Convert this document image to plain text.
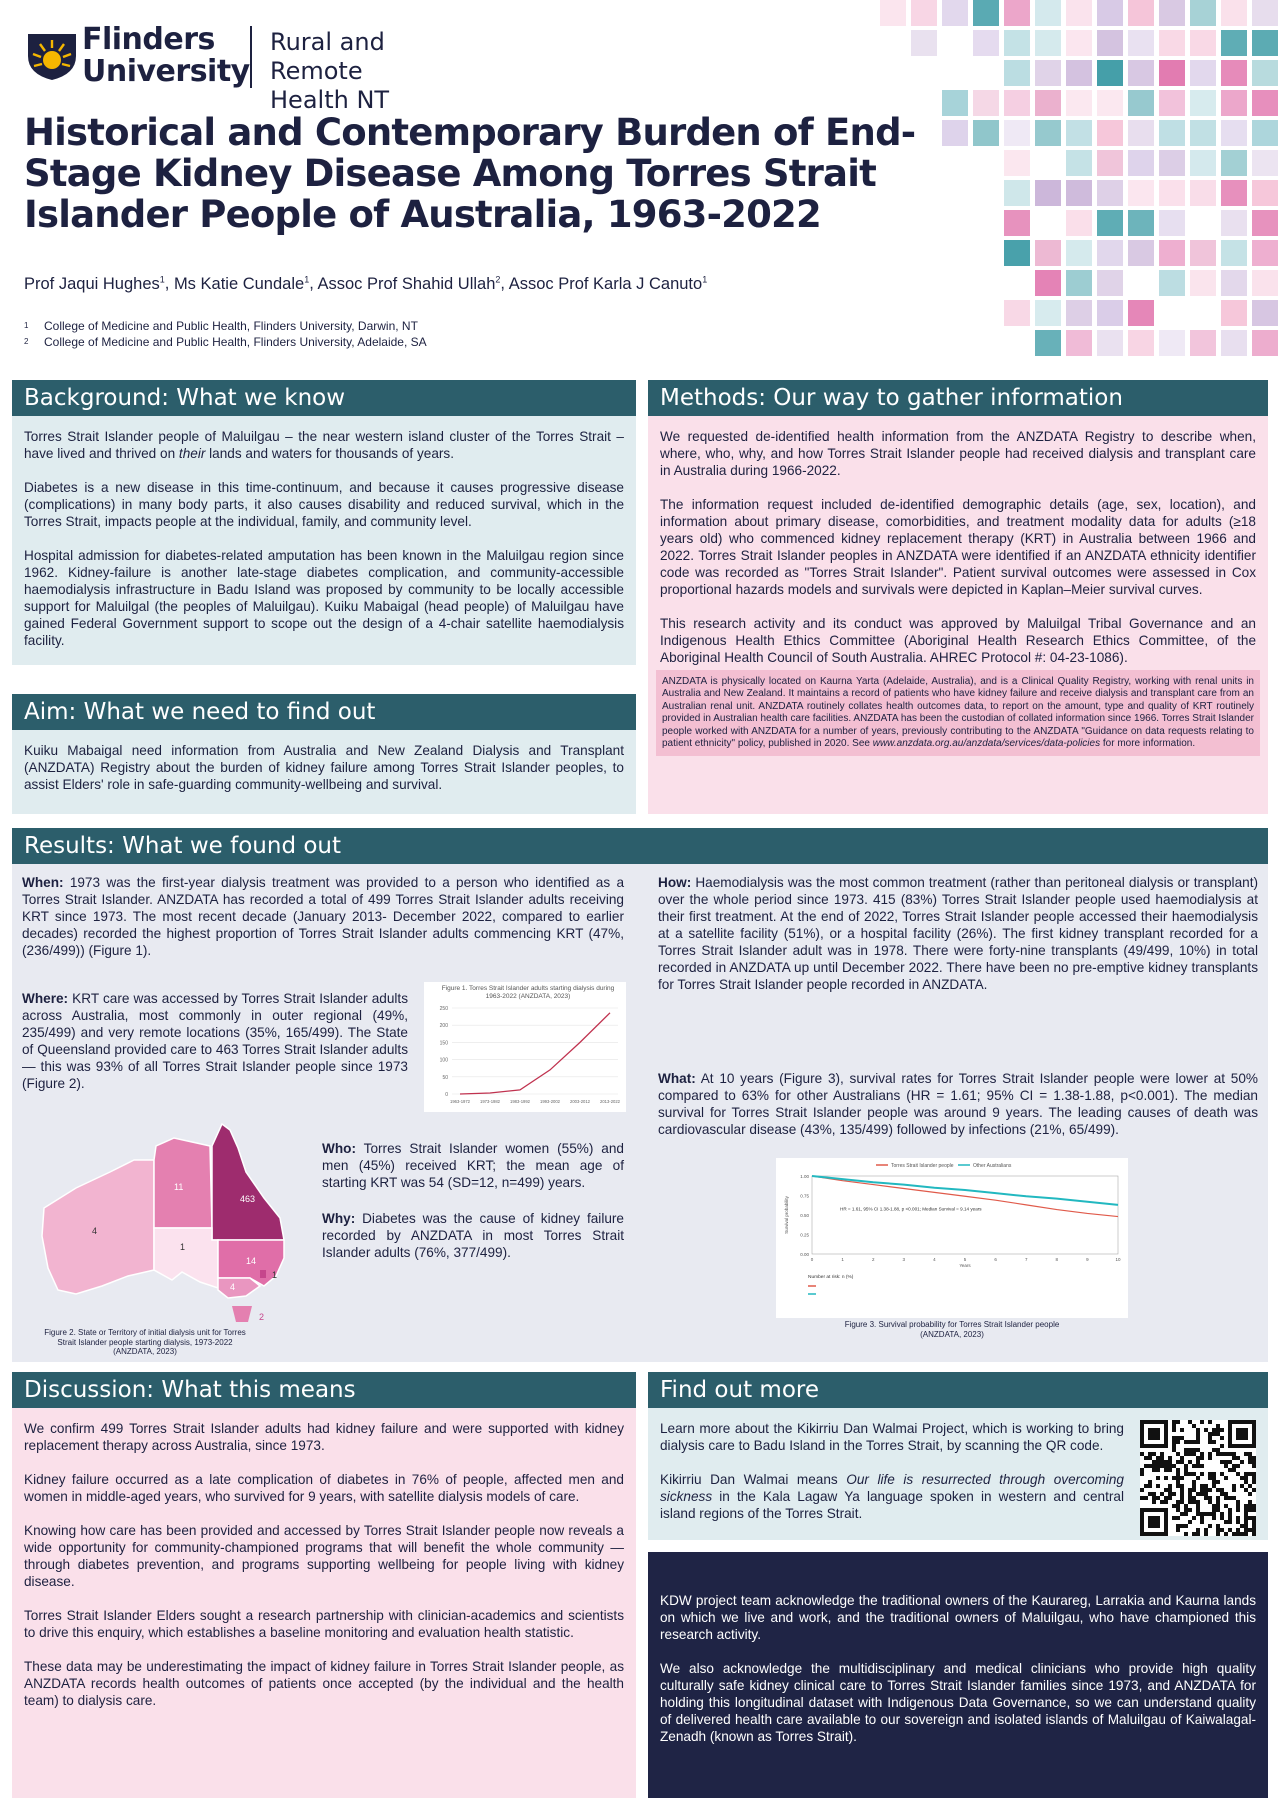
Flinders
University
Rural and Remote
Health NT
Historical and Contemporary Burden of End-Stage Kidney Disease Among Torres Strait Islander People of Australia, 1963-2022
Prof Jaqui Hughes$^1$, Ms Katie Cundale$^1$, Assoc Prof Shahid Ullah$^2$, Assoc Prof Karla J Canuto$^1$
1 College of Medicine and Public Health, Flinders University, Darwin, NT
2 College of Medicine and Public Health, Flinders University, Adelaide, SA
Background: What we know

Torres Strait Islander people of Maluilgau – the near western island cluster of the Torres Strait – have lived and thrived on their lands and waters for thousands of years.

Diabetes is a new disease in this time-continuum, and because it causes progressive disease (complications) in many body parts, it also causes disability and reduced survival, which in the Torres Strait, impacts people at the individual, family, and community level.

Hospital admission for diabetes-related amputation has been known in the Maluilgau region since 1962. Kidney-failure is another late-stage diabetes complication, and community-accessible haemodialysis infrastructure in Badu Island was proposed by community to be locally accessible support for Maluilgal (the peoples of Maluilgau). Kuiku Mabaigal (head people) of Maluilgau have gained Federal Government support to scope out the design of a 4-chair satellite haemodialysis facility.

Aim: What we need to find out

Kuiku Mabaigal need information from Australia and New Zealand Dialysis and Transplant (ANZDATA) Registry about the burden of kidney failure among Torres Strait Islander peoples, to assist Elders' role in safe-guarding community-wellbeing and survival.

Methods: Our way to gather information

We requested de-identified health information from the ANZDATA Registry to describe when, where, who, why, and how Torres Strait Islander people had received dialysis and transplant care in Australia during 1966-2022.

The information request included de-identified demographic details (age, sex, location), and information about primary disease, comorbidities, and treatment modality data for adults (≥18 years old) who commenced kidney replacement therapy (KRT) in Australia between 1966 and 2022. Torres Strait Islander peoples in ANZDATA were identified if an ANZDATA ethnicity identifier code was recorded as "Torres Strait Islander". Patient survival outcomes were assessed in Cox proportional hazards models and survivals were depicted in Kaplan–Meier survival curves.

This research activity and its conduct was approved by Maluilgal Tribal Governance and an Indigenous Health Ethics Committee (Aboriginal Health Research Ethics Committee, of the Aboriginal Health Council of South Australia. AHREC Protocol #: 04-23-1086).

ANZDATA is physically located on Kaurna Yarta (Adelaide, Australia), and is a Clinical Quality Registry, working with renal units in Australia and New Zealand. It maintains a record of patients who have kidney failure and receive dialysis and transplant care from an Australian renal unit. ANZDATA routinely collates health outcomes data, to report on the amount, type and quality of KRT routinely provided in Australian health care facilities. ANZDATA has been the custodian of collated information since 1966. Torres Strait Islander people worked with ANZDATA for a number of years, previously contributing to the ANZDATA "Guidance on data requests relating to patient ethnicity" policy, published in 2020. See www.anzdata.org.au/anzdata/services/data-policies for more information.
Results: What we found out
When: 1973 was the first-year dialysis treatment was provided to a person who identified as a Torres Strait Islander. ANZDATA has recorded a total of 499 Torres Strait Islander adults receiving KRT since 1973. The most recent decade (January 2013- December 2022, compared to earlier decades) recorded the highest proportion of Torres Strait Islander adults commencing KRT (47%, (236/499)) (Figure 1).
Where: KRT care was accessed by Torres Strait Islander adults across Australia, most commonly in outer regional (49%, 235/499) and very remote locations (35%, 165/499). The State of Queensland provided care to 463 Torres Strait Islander adults — this was 93% of all Torres Strait Islander people since 1973 (Figure 2).
Figure 1. Torres Strait Islander adults starting dialysis during 1963-2022 (ANZDATA, 2023)
0
50
100
150
200
250
1963-1972 1973-1982 1983-1992 1993-2002 2003-2012 2013-2022
4
11
463
1
14
4
1
2
Figure 2. State or Territory of initial dialysis unit for Torres Strait Islander people starting dialysis, 1973-2022 (ANZDATA, 2023)
Who: Torres Strait Islander women (55%) and men (45%) received KRT; the mean age of starting KRT was 54 (SD=12, n=499) years.
Why: Diabetes was the cause of kidney failure recorded by ANZDATA in most Torres Strait Islander adults (76%, 377/499).
How: Haemodialysis was the most common treatment (rather than peritoneal dialysis or transplant) over the whole period since 1973. 415 (83%) Torres Strait Islander people used haemodialysis at their first treatment. At the end of 2022, Torres Strait Islander people accessed their haemodialysis at a satellite facility (51%), or a hospital facility (26%). The first kidney transplant recorded for a Torres Strait Islander adult was in 1978. There were forty-nine transplants (49/499, 10%) in total recorded in ANZDATA up until December 2022. There have been no pre-emptive kidney transplants for Torres Strait Islander people recorded in ANZDATA.
What: At 10 years (Figure 3), survival rates for Torres Strait Islander people were lower at 50% compared to 63% for other Australians (HR = 1.61; 95% CI = 1.38-1.88, p<0.001). The median survival for Torres Strait Islander people was around 9 years. The leading causes of death was cardiovascular disease (43%, 135/499) followed by infections (21%, 65/499).
Torres Strait Islander people	Other Australians
0.00
0.25
0.50
0.75
1.00
Survival probability
0	1	2	3	4	5	6	7	8	9	10
Years
HR = 1.61, 95% CI 1.38-1.88, p <0.001; Median Survival = 9.14 years
Number at risk: n (%)
Figure 3. Survival probability for Torres Strait Islander people (ANZDATA, 2023)
Discussion: What this means

We confirm 499 Torres Strait Islander adults had kidney failure and were supported with kidney replacement therapy across Australia, since 1973.

Kidney failure occurred as a late complication of diabetes in 76% of people, affected men and women in middle-aged years, who survived for 9 years, with satellite dialysis models of care.

Knowing how care has been provided and accessed by Torres Strait Islander people now reveals a wide opportunity for community-championed programs that will benefit the whole community — through diabetes prevention, and programs supporting wellbeing for people living with kidney disease.

Torres Strait Islander Elders sought a research partnership with clinician-academics and scientists to drive this enquiry, which establishes a baseline monitoring and evaluation health statistic.

These data may be underestimating the impact of kidney failure in Torres Strait Islander people, as ANZDATA records health outcomes of patients once accepted (by the individual and the health team) to dialysis care.

Find out more

Learn more about the Kikirriu Dan Walmai Project, which is working to bring dialysis care to Badu Island in the Torres Strait, by scanning the QR code.

Kikirriu Dan Walmai means Our life is resurrected through overcoming sickness in the Kala Lagaw Ya language spoken in western and central island regions of the Torres Strait.

KDW project team acknowledge the traditional owners of the Kaurareg, Larrakia and Kaurna lands on which we live and work, and the traditional owners of Maluilgau, who have championed this research activity.

We also acknowledge the multidisciplinary and medical clinicians who provide high quality culturally safe kidney clinical care to Torres Strait Islander families since 1973, and ANZDATA for holding this longitudinal dataset with Indigenous Data Governance, so we can understand quality of delivered health care available to our sovereign and isolated islands of Maluilgau of Kaiwalagal- Zenadh (known as Torres Strait).
